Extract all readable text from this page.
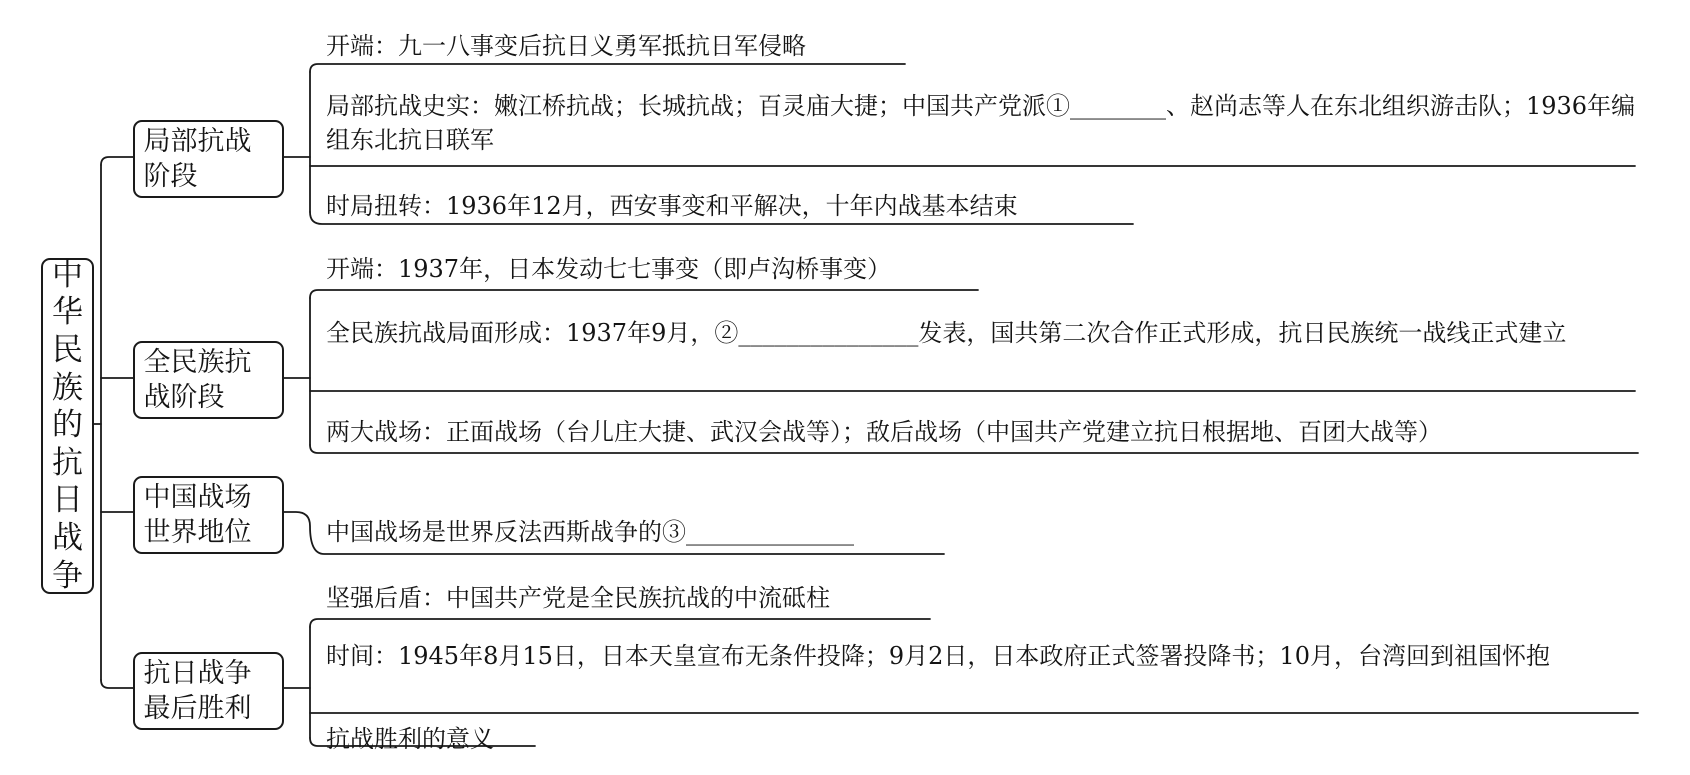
中华民族的抗日战争
局部抗战阶段
全民族抗战阶段
中国战场世界地位
抗日战争最后胜利
开端：九一八事变后抗日义勇军抵抗日军侵略
局部抗战史实：嫩江桥抗战；长城抗战；百灵庙大捷；中国共产党派①________、赵尚志等人在东北组织游击队；1936年编组东北抗日联军
时局扭转：1936年12月，西安事变和平解决，十年内战基本结束
开端：1937年，日本发动七七事变（即卢沟桥事变）
全民族抗战局面形成：1937年9月，②_______________发表，国共第二次合作正式形成，抗日民族统一战线正式建立
两大战场：正面战场（台儿庄大捷、武汉会战等）；敌后战场（中国共产党建立抗日根据地、百团大战等）
中国战场是世界反法西斯战争的③______________
坚强后盾：中国共产党是全民族抗战的中流砥柱
时间：1945年8月15日，日本天皇宣布无条件投降；9月2日，日本政府正式签署投降书；10月，台湾回到祖国怀抱
抗战胜利的意义
